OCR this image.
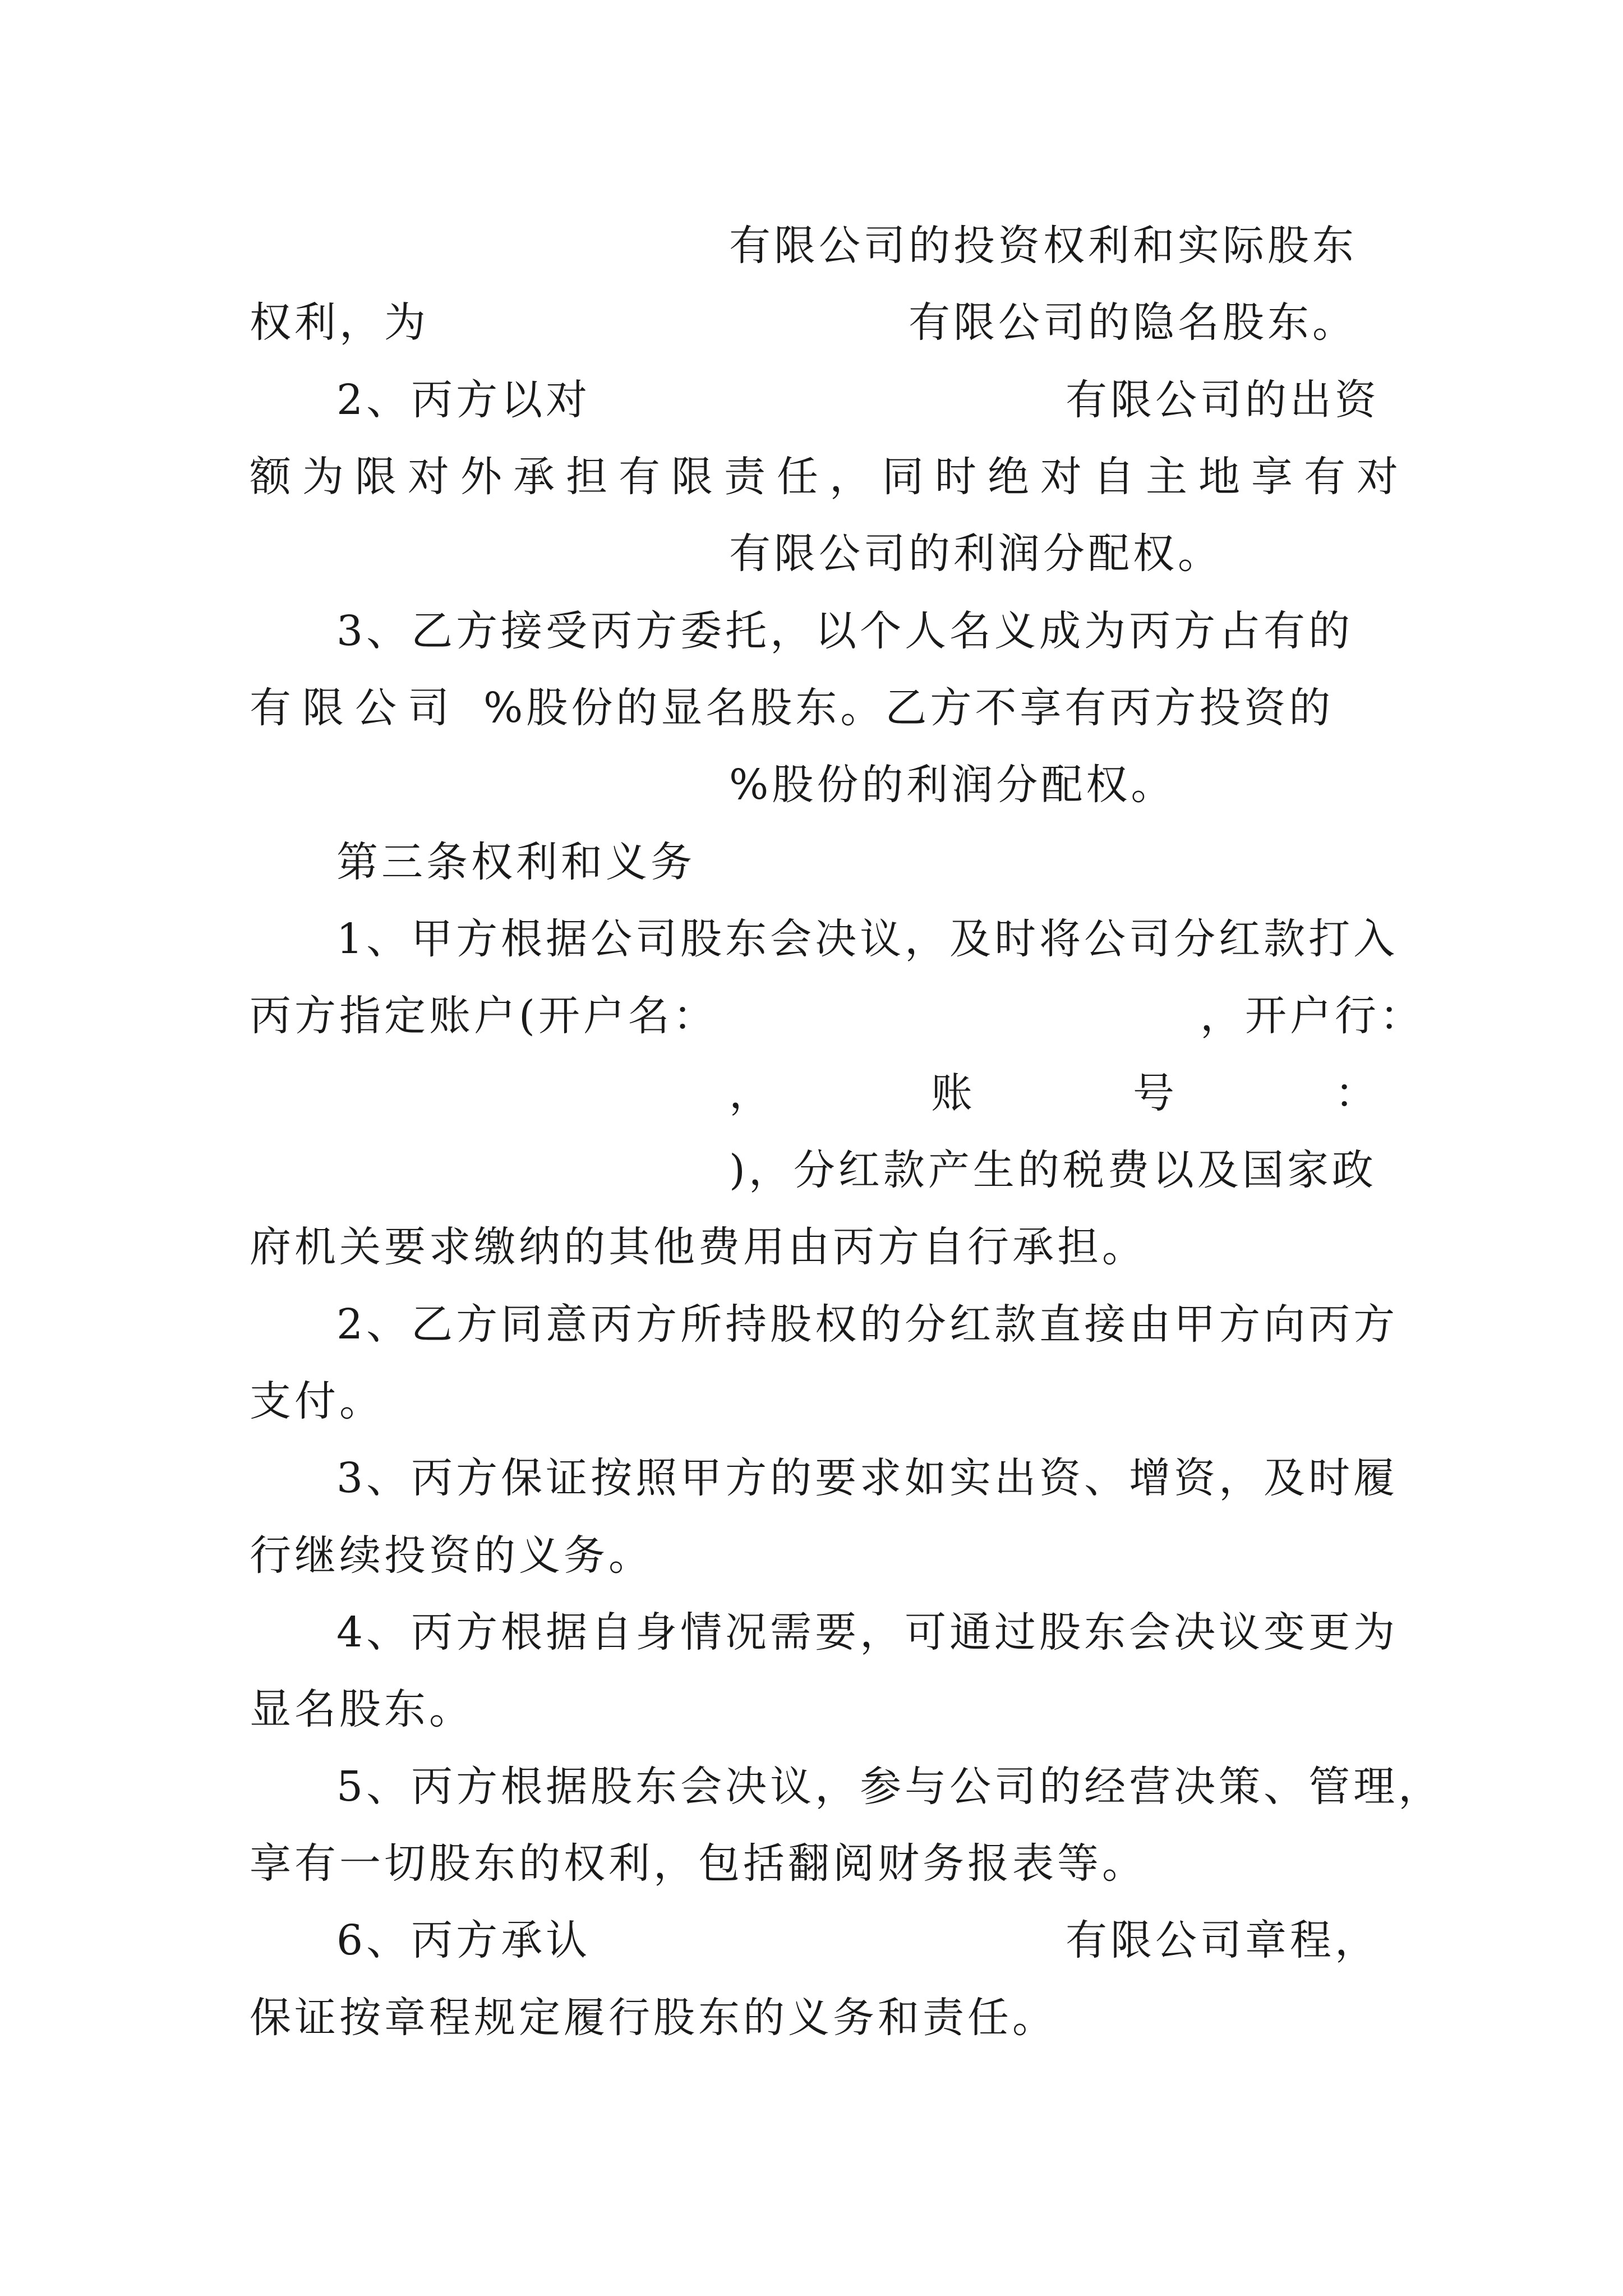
有限公司的投资权利和实际股东
权利，为	有限公司的隐名股东。
2、丙方以对	有限公司的出资
额为限对外承担有限责任，同时绝对自主地享有对
有限公司的利润分配权。
3、乙方接受丙方委托，以个人名义成为丙方占有的
有限公司 %股份的显名股东。乙方不享有丙方投资的
%股份的利润分配权。
第三条权利和义务
1、甲方根据公司股东会决议，及时将公司分红款打入
丙方指定账户(开户名：	，开户行：
，	账	号	：
)，分红款产生的税费以及国家政
府机关要求缴纳的其他费用由丙方自行承担。
2、乙方同意丙方所持股权的分红款直接由甲方向丙方
支付。
3、丙方保证按照甲方的要求如实出资、增资，及时履
行继续投资的义务。
4、丙方根据自身情况需要，可通过股东会决议变更为
显名股东。
5、丙方根据股东会决议，参与公司的经营决策、管理，
享有一切股东的权利，包括翻阅财务报表等。
6、丙方承认	有限公司章程，
保证按章程规定履行股东的义务和责任。
